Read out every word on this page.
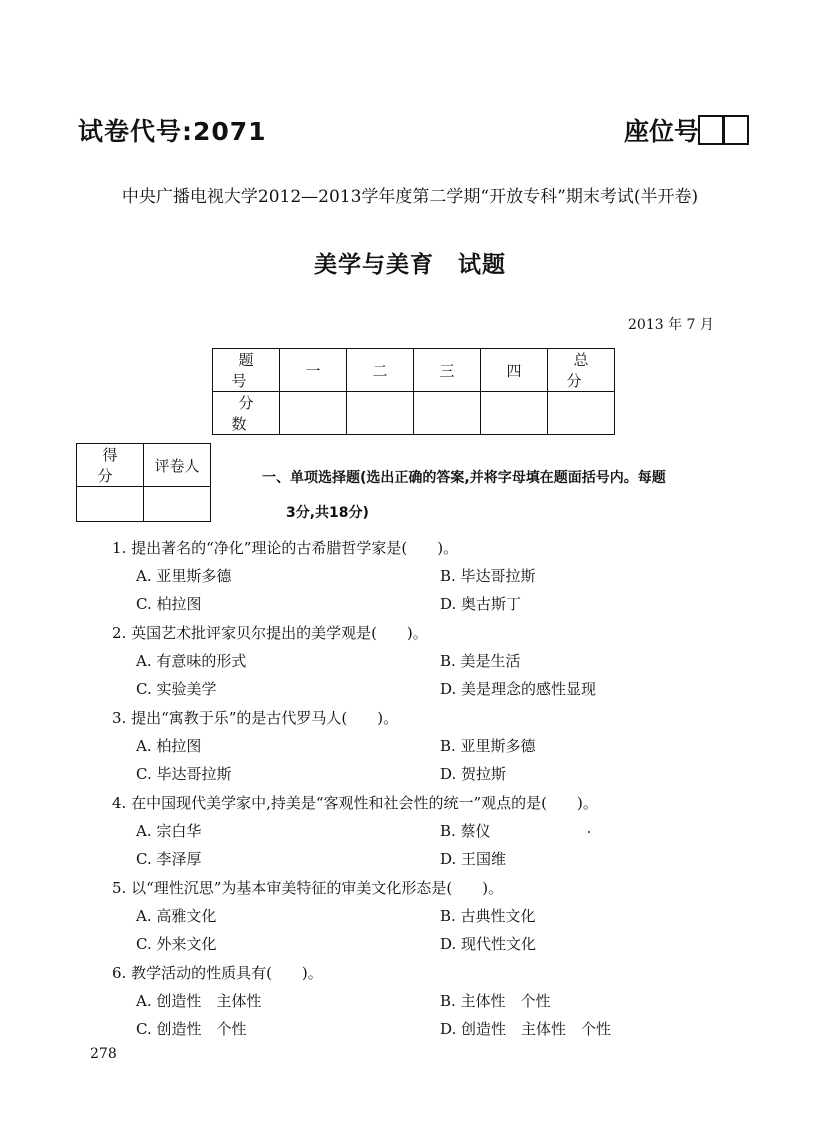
试卷代号:2071	座位号
中央广播电视大学2012—2013学年度第二学期“开放专科”期末考试(半开卷)
美学与美育　试题
2013 年 7 月
题 号	一	二	三	四	总 分
分 数					
得 分	评卷人

一、单项选择题(选出正确的答案,并将字母填在题面括号内。每题
3分,共18分)
1. 提出著名的“净化”理论的古希腊哲学家是(　　)。
A. 亚里斯多德	B. 毕达哥拉斯
C. 柏拉图	D. 奥古斯丁
2. 英国艺术批评家贝尔提出的美学观是(　　)。
A. 有意味的形式	B. 美是生活
C. 实验美学	D. 美是理念的感性显现
3. 提出“寓教于乐”的是古代罗马人(　　)。
A. 柏拉图	B. 亚里斯多德
C. 毕达哥拉斯	D. 贺拉斯
4. 在中国现代美学家中,持美是“客观性和社会性的统一”观点的是(　　)。
A. 宗白华	B. 蔡仪
C. 李泽厚	D. 王国维
5. 以“理性沉思”为基本审美特征的审美文化形态是(　　)。
A. 高雅文化	B. 古典性文化
C. 外来文化	D. 现代性文化
6. 教学活动的性质具有(　　)。
A. 创造性　主体性	B. 主体性　个性
C. 创造性　个性	D. 创造性　主体性　个性
278
